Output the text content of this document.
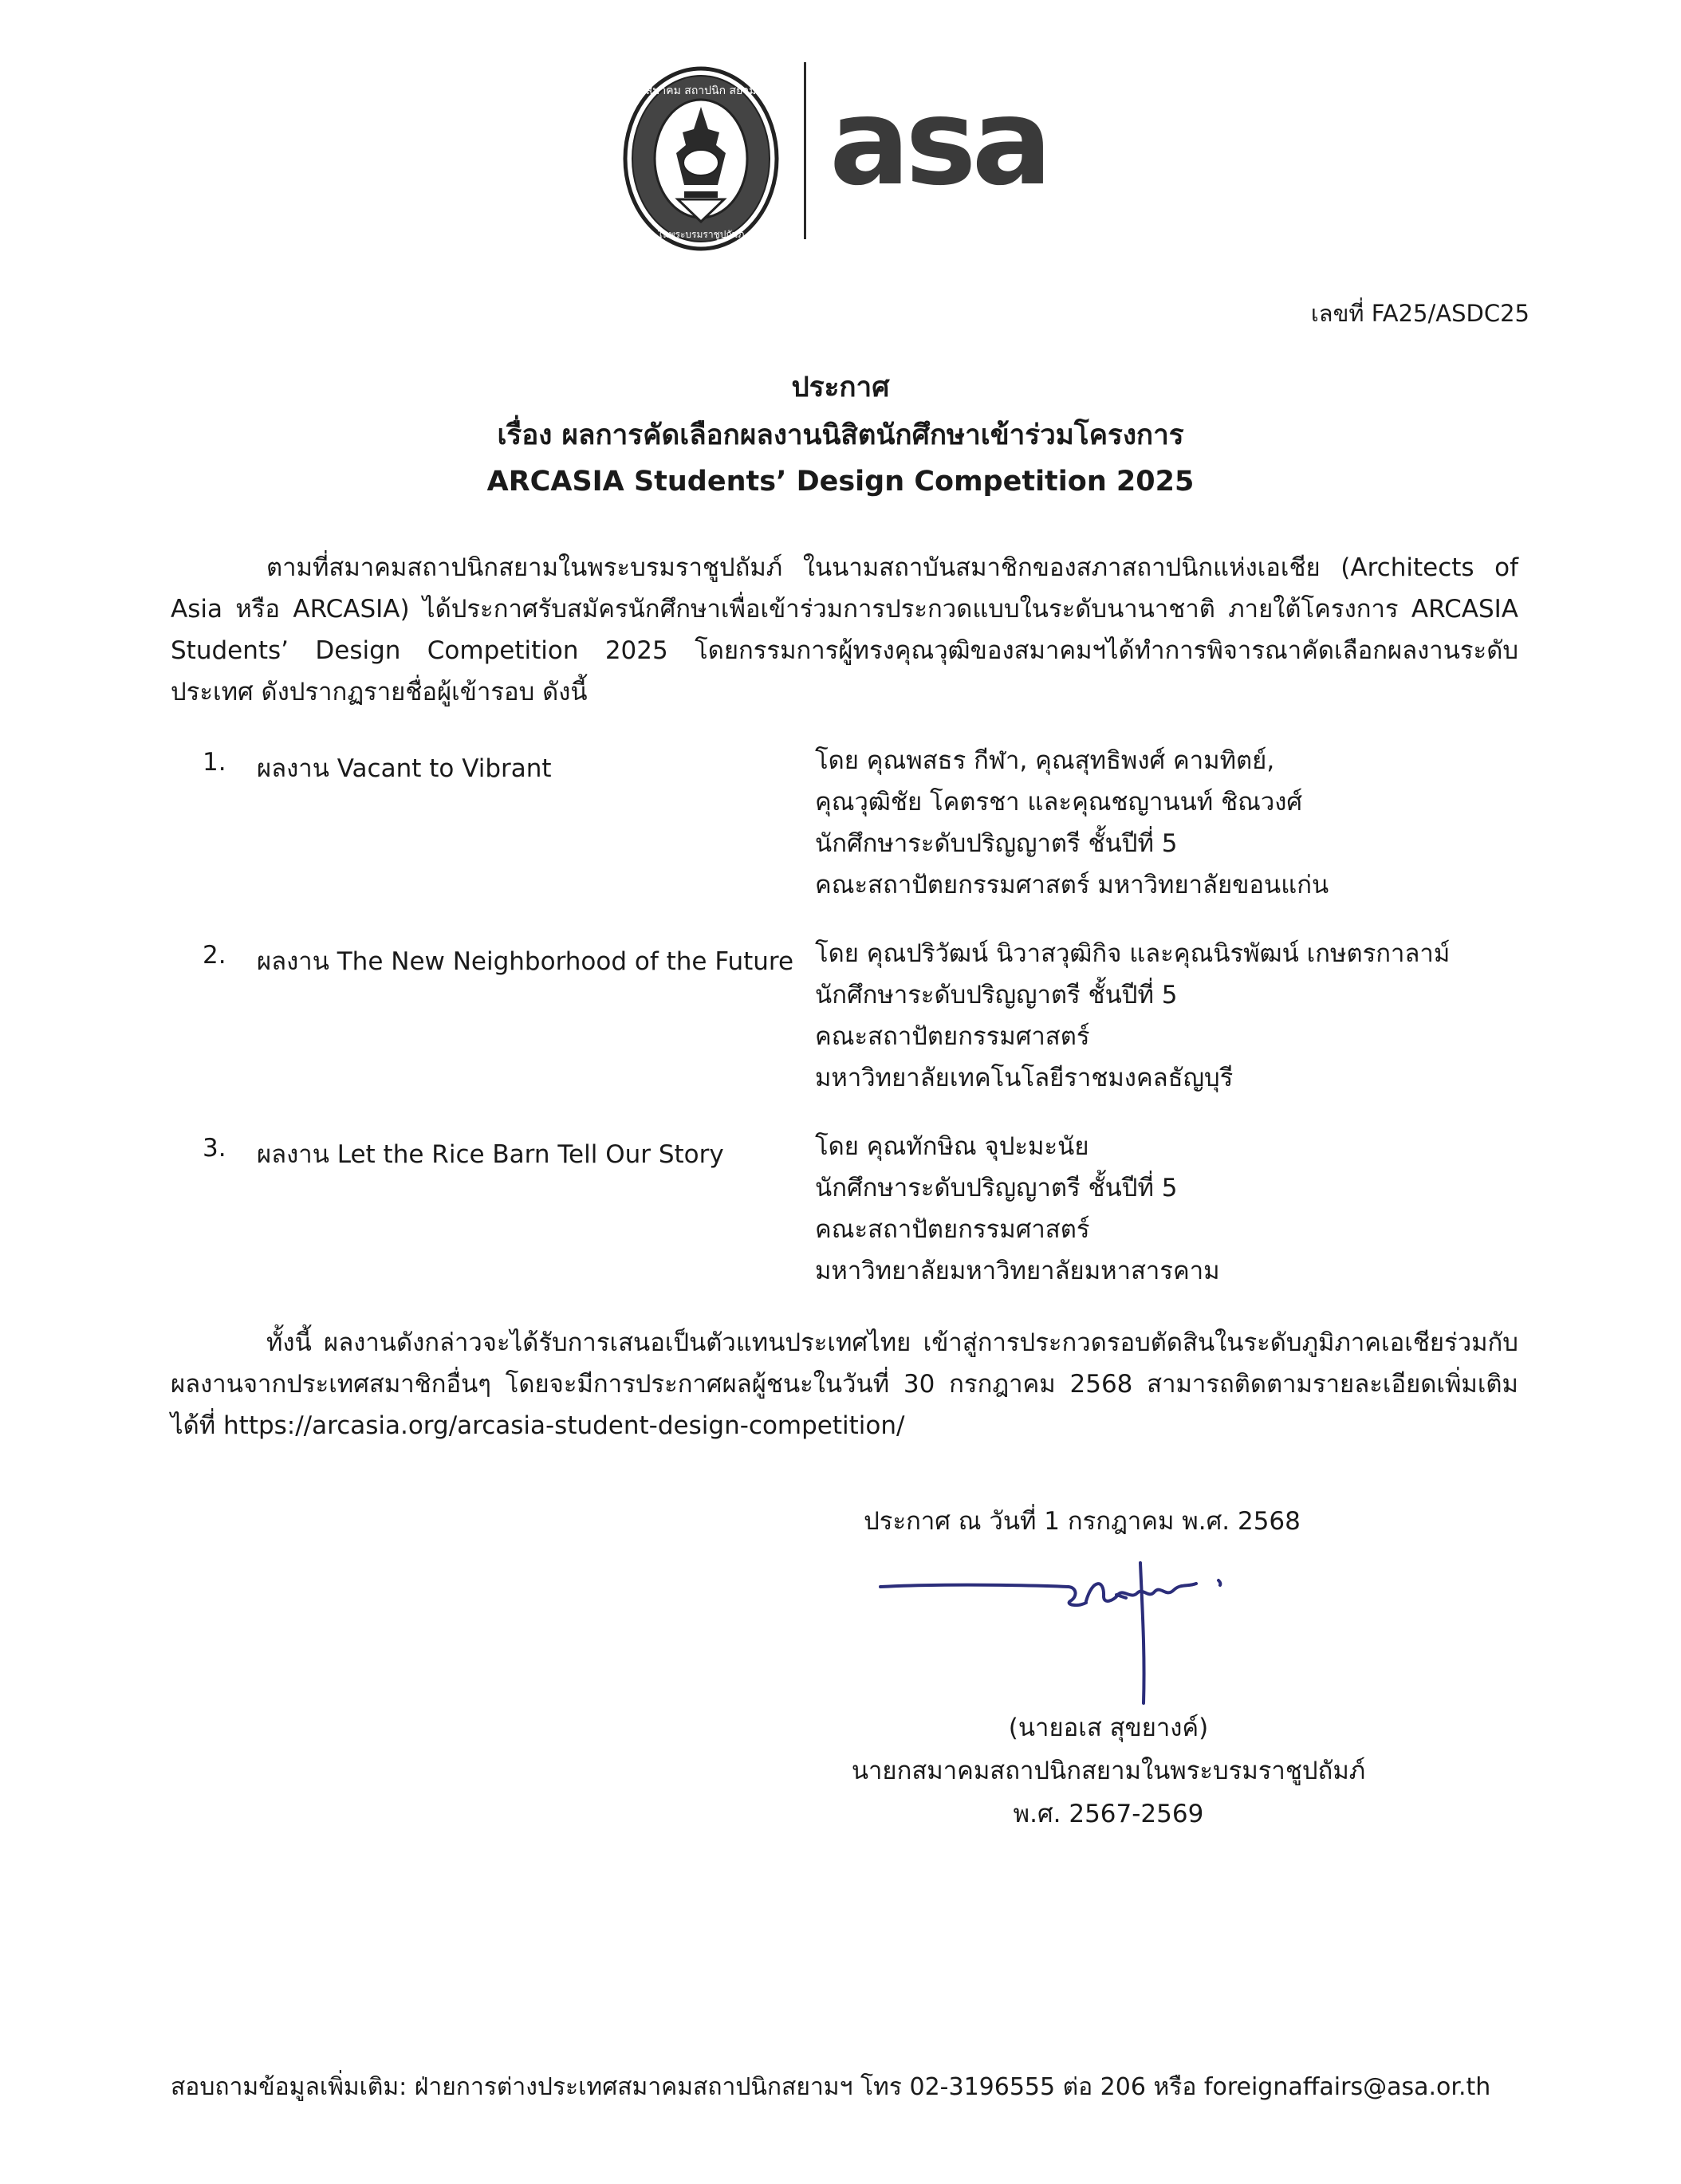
สมาคม สถาปนิก สยาม
ในพระบรมราชูปถัมภ์
asa
เลขที่ FA25/ASDC25
ประกาศ
เรื่อง ผลการคัดเลือกผลงานนิสิตนักศึกษาเข้าร่วมโครงการ
ARCASIA Students’ Design Competition 2025
ตามที่สมาคมสถาปนิกสยามในพระบรมราชูปถัมภ์ ในนามสถาบันสมาชิกของสภาสถาปนิกแห่งเอเชีย (Architects of Asia หรือ ARCASIA) ได้ประกาศรับสมัครนักศึกษาเพื่อเข้าร่วมการประกวดแบบในระดับนานาชาติ ภายใต้โครงการ ARCASIA Students’ Design Competition 2025 โดยกรรมการผู้ทรงคุณวุฒิของสมาคมฯได้ทำการพิจารณาคัดเลือกผลงานระดับประเทศ ดังปรากฏรายชื่อผู้เข้ารอบ ดังนี้
1. ผลงาน Vacant to Vibrant	โดย คุณพสธร กีฬา, คุณสุทธิพงศ์ คามทิตย์,
คุณวุฒิชัย โคตรชา และคุณชญานนท์ ชิณวงศ์
นักศึกษาระดับปริญญาตรี ชั้นปีที่ 5
คณะสถาปัตยกรรมศาสตร์ มหาวิทยาลัยขอนแก่น
2. ผลงาน The New Neighborhood of the Future โดย คุณปริวัฒน์ นิวาสวุฒิกิจ และคุณนิรพัฒน์ เกษตรกาลาม์
นักศึกษาระดับปริญญาตรี ชั้นปีที่ 5
คณะสถาปัตยกรรมศาสตร์
มหาวิทยาลัยเทคโนโลยีราชมงคลธัญบุรี
3. ผลงาน Let the Rice Barn Tell Our Story	โดย คุณทักษิณ จุปะมะนัย
นักศึกษาระดับปริญญาตรี ชั้นปีที่ 5
คณะสถาปัตยกรรมศาสตร์
มหาวิทยาลัยมหาวิทยาลัยมหาสารคาม
ทั้งนี้ ผลงานดังกล่าวจะได้รับการเสนอเป็นตัวแทนประเทศไทย เข้าสู่การประกวดรอบตัดสินในระดับภูมิภาคเอเชียร่วมกับผลงานจากประเทศสมาชิกอื่นๆ โดยจะมีการประกาศผลผู้ชนะในวันที่ 30 กรกฎาคม 2568 สามารถติดตามรายละเอียดเพิ่มเติมได้ที่ https://arcasia.org/arcasia-student-design-competition/
ประกาศ ณ วันที่ 1 กรกฎาคม พ.ศ. 2568
(นายอเส สุขยางค์)
นายกสมาคมสถาปนิกสยามในพระบรมราชูปถัมภ์
พ.ศ. 2567-2569
สอบถามข้อมูลเพิ่มเติม: ฝ่ายการต่างประเทศสมาคมสถาปนิกสยามฯ โทร 02-3196555 ต่อ 206 หรือ foreignaffairs@asa.or.th
